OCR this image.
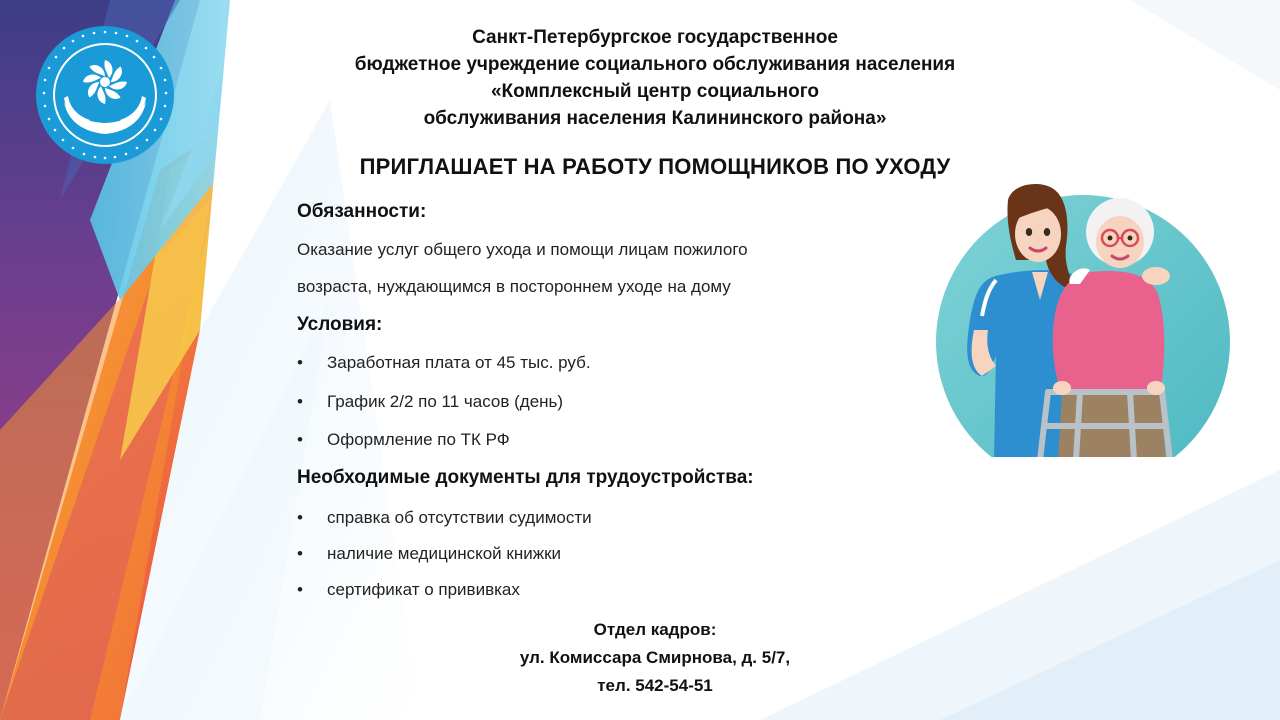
Санкт-Петербургское государственное
бюджетное учреждение социального обслуживания населения
«Комплексный центр социального
обслуживания населения Калининского района»
ПРИГЛАШАЕТ НА РАБОТУ ПОМОЩНИКОВ ПО УХОДУ
Обязанности:
Оказание услуг общего ухода и помощи лицам пожилого
возраста, нуждающимся в постороннем уходе на дому
Условия:
• Заработная плата от 45 тыс. руб.
• График 2/2 по 11 часов (день)
• Оформление по ТК РФ
Необходимые документы для трудоустройства:
• справка об отсутствии судимости
• наличие медицинской книжки
• сертификат о прививках
Отдел кадров:
ул. Комиссара Смирнова, д. 5/7,
тел. 542-54-51
